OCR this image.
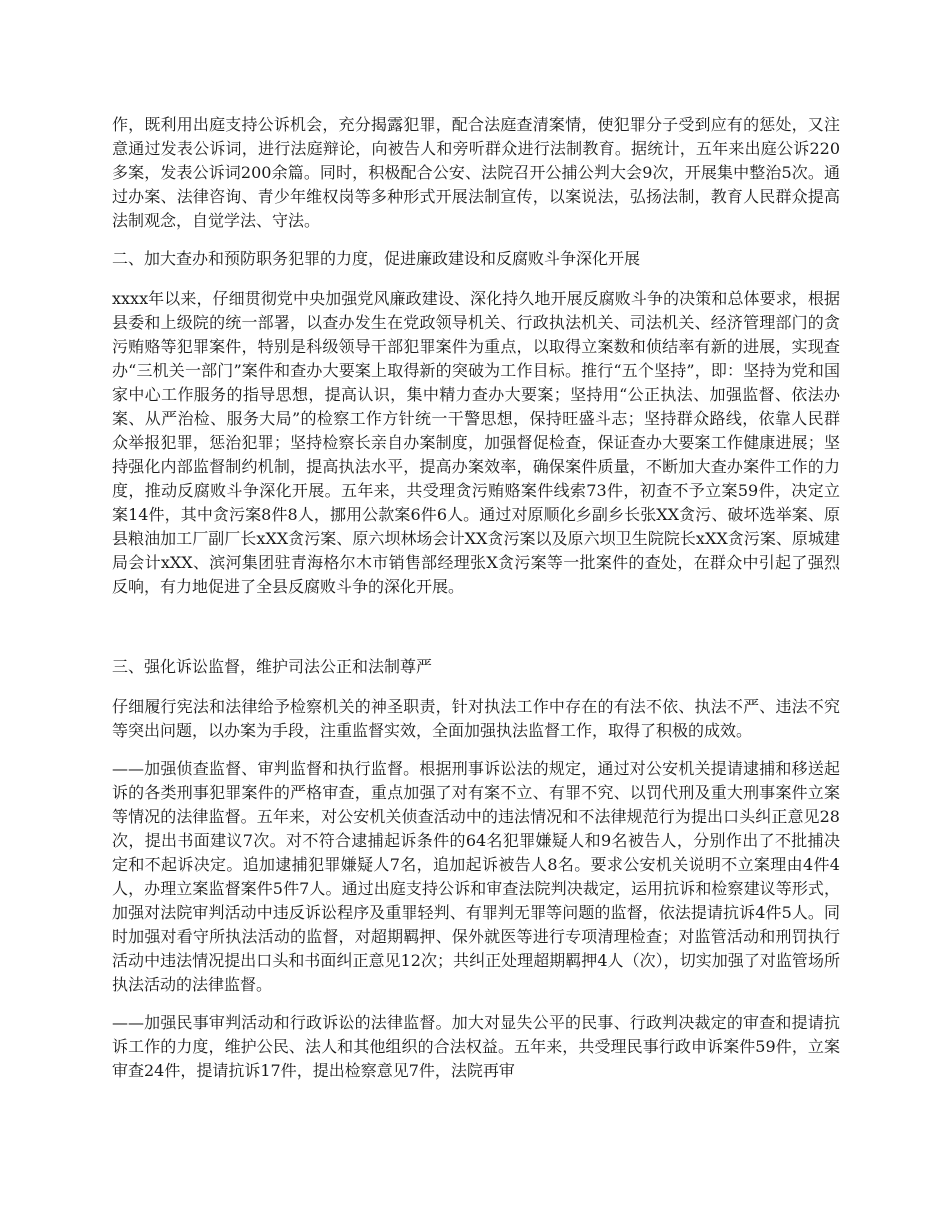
作，既利用出庭支持公诉机会，充分揭露犯罪，配合法庭查清案情，使犯罪分子受到应有的惩处，又注意通过发表公诉词，进行法庭辩论，向被告人和旁听群众进行法制教育。据统计，五年来出庭公诉220多案，发表公诉词200余篇。同时，积极配合公安、法院召开公捕公判大会9次，开展集中整治5次。通过办案、法律咨询、青少年维权岗等多种形式开展法制宣传，以案说法，弘扬法制，教育人民群众提高法制观念，自觉学法、守法。

二、加大查办和预防职务犯罪的力度，促进廉政建设和反腐败斗争深化开展

xxxx年以来，仔细贯彻党中央加强党风廉政建设、深化持久地开展反腐败斗争的决策和总体要求，根据县委和上级院的统一部署，以查办发生在党政领导机关、行政执法机关、司法机关、经济管理部门的贪污贿赂等犯罪案件，特别是科级领导干部犯罪案件为重点，以取得立案数和侦结率有新的进展，实现查办“三机关一部门”案件和查办大要案上取得新的突破为工作目标。推行“五个坚持”，即：坚持为党和国家中心工作服务的指导思想，提高认识，集中精力查办大要案；坚持用“公正执法、加强监督、依法办案、从严治检、服务大局”的检察工作方针统一干警思想，保持旺盛斗志；坚持群众路线，依靠人民群众举报犯罪，惩治犯罪；坚持检察长亲自办案制度，加强督促检查，保证查办大要案工作健康进展；坚持强化内部监督制约机制，提高执法水平，提高办案效率，确保案件质量，不断加大查办案件工作的力度，推动反腐败斗争深化开展。五年来，共受理贪污贿赂案件线索73件，初查不予立案59件，决定立案14件，其中贪污案8件8人，挪用公款案6件6人。通过对原顺化乡副乡长张XX贪污、破坏选举案、原县粮油加工厂副厂长xXX贪污案、原六坝林场会计XX贪污案以及原六坝卫生院院长xXX贪污案、原城建局会计xXX、滨河集团驻青海格尔木市销售部经理张X贪污案等一批案件的查处，在群众中引起了强烈反响，有力地促进了全县反腐败斗争的深化开展。

三、强化诉讼监督，维护司法公正和法制尊严

仔细履行宪法和法律给予检察机关的神圣职责，针对执法工作中存在的有法不依、执法不严、违法不究等突出问题，以办案为手段，注重监督实效，全面加强执法监督工作，取得了积极的成效。

——加强侦查监督、审判监督和执行监督。根据刑事诉讼法的规定，通过对公安机关提请逮捕和移送起诉的各类刑事犯罪案件的严格审查，重点加强了对有案不立、有罪不究、以罚代刑及重大刑事案件立案等情况的法律监督。五年来，对公安机关侦查活动中的违法情况和不法律规范行为提出口头纠正意见28次，提出书面建议7次。对不符合逮捕起诉条件的64名犯罪嫌疑人和9名被告人，分别作出了不批捕决定和不起诉决定。追加逮捕犯罪嫌疑人7名，追加起诉被告人8名。要求公安机关说明不立案理由4件4人，办理立案监督案件5件7人。通过出庭支持公诉和审查法院判决裁定，运用抗诉和检察建议等形式，加强对法院审判活动中违反诉讼程序及重罪轻判、有罪判无罪等问题的监督，依法提请抗诉4件5人。同时加强对看守所执法活动的监督，对超期羁押、保外就医等进行专项清理检查；对监管活动和刑罚执行活动中违法情况提出口头和书面纠正意见12次；共纠正处理超期羁押4人（次），切实加强了对监管场所执法活动的法律监督。

——加强民事审判活动和行政诉讼的法律监督。加大对显失公平的民事、行政判决裁定的审查和提请抗诉工作的力度，维护公民、法人和其他组织的合法权益。五年来，共受理民事行政申诉案件59件，立案审查24件，提请抗诉17件，提出检察意见7件，法院再审
